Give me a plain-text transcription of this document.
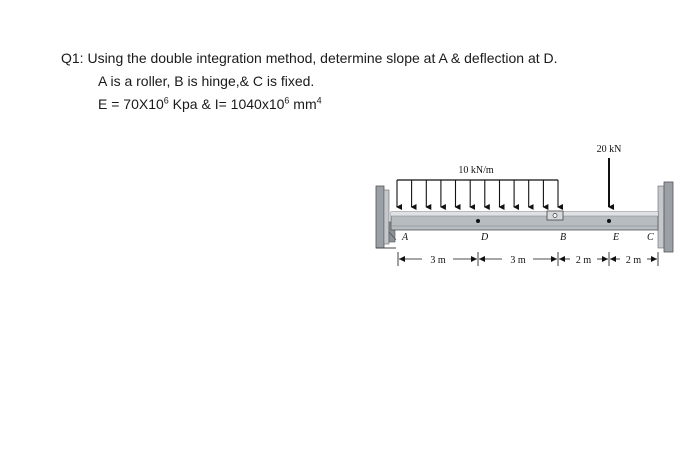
Q1: Using the double integration method, determine slope at A & deflection at D.
A is a roller, B is hinge,& C is fixed.
$E = 70X10^6$ Kpa & $I= 1040x10^6$ $mm^4$
10 kN/m
20 kN
A	D	B	E	C
3 m	3 m	2 m	2 m
